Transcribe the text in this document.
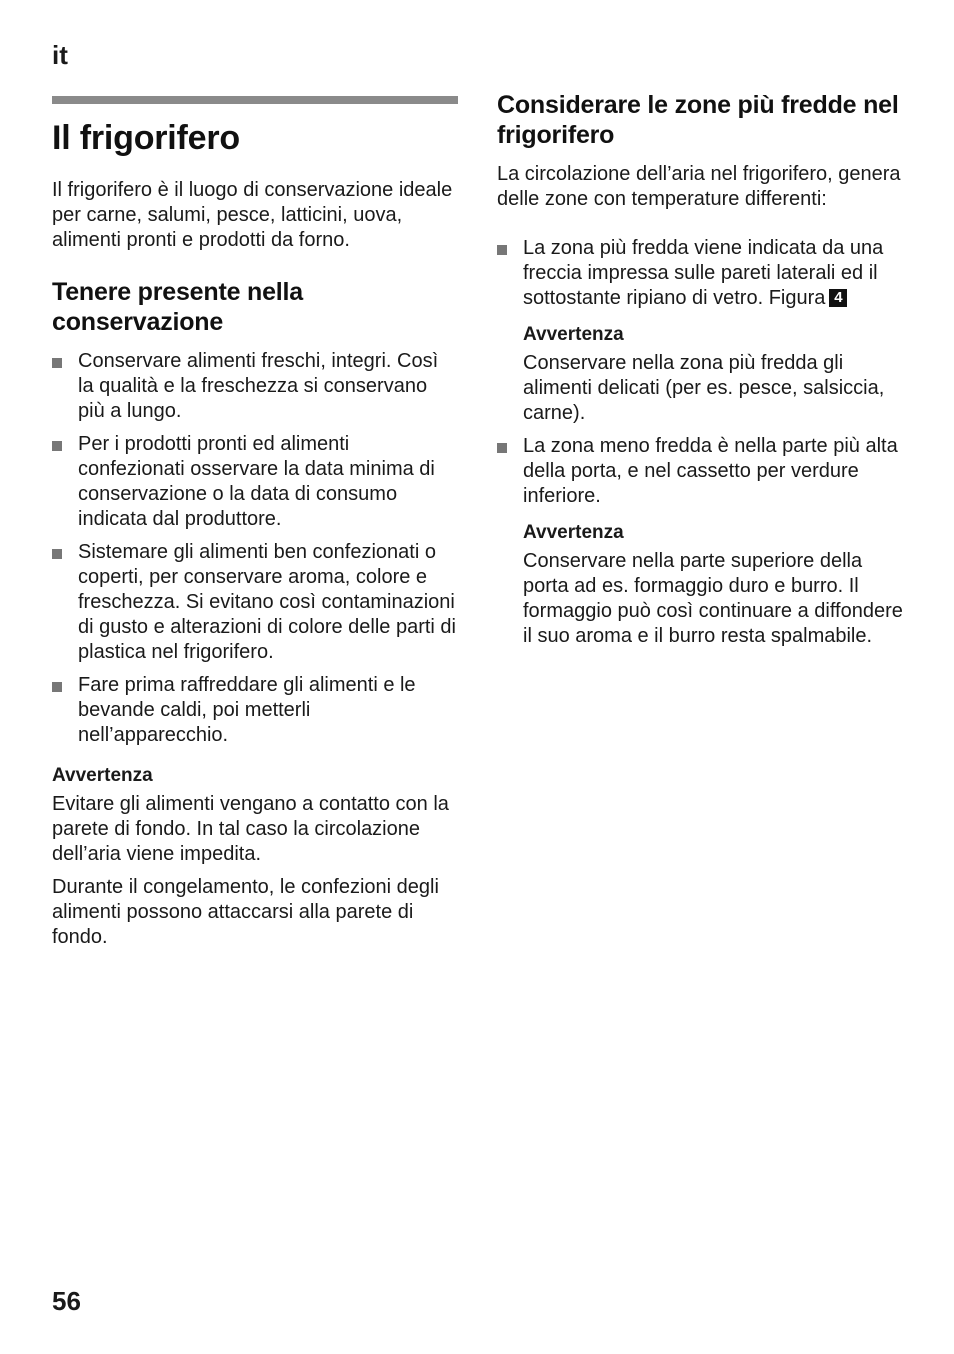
it
Il frigorifero

Il frigorifero è il luogo di conservazione ideale per carne, salumi, pesce, latticini, uova, alimenti pronti e prodotti da forno.

Tenere presente nella conservazione
Conservare alimenti freschi, integri. Così la qualità e la freschezza si conservano più a lungo.
Per i prodotti pronti ed alimenti confezionati osservare la data minima di conservazione o la data di consumo indicata dal produttore.
Sistemare gli alimenti ben confezionati o coperti, per conservare aroma, colore e freschezza. Si evitano così contaminazioni di gusto e alterazioni di colore delle parti di plastica nel frigorifero.
Fare prima raffreddare gli alimenti e le bevande caldi, poi metterli nell’apparecchio.
Avvertenza

Evitare gli alimenti vengano a contatto con la parete di fondo. In tal caso la circolazione dell’aria viene impedita.

Durante il congelamento, le confezioni degli alimenti possono attaccarsi alla parete di fondo.

Considerare le zone più fredde nel frigorifero

La circolazione dell’aria nel frigorifero, genera delle zone con temperature differenti:

La zona più fredda viene indicata da una freccia impressa sulle pareti laterali ed il sottostante ripiano di vetro. Figura 4
Avvertenza

Conservare nella zona più fredda gli alimenti delicati (per es. pesce, salsiccia, carne).

La zona meno fredda è nella parte più alta della porta, e nel cassetto per verdure inferiore.
Avvertenza

Conservare nella parte superiore della porta ad es. formaggio duro e burro. Il formaggio può così continuare a diffondere il suo aroma e il burro resta spalmabile.

56
